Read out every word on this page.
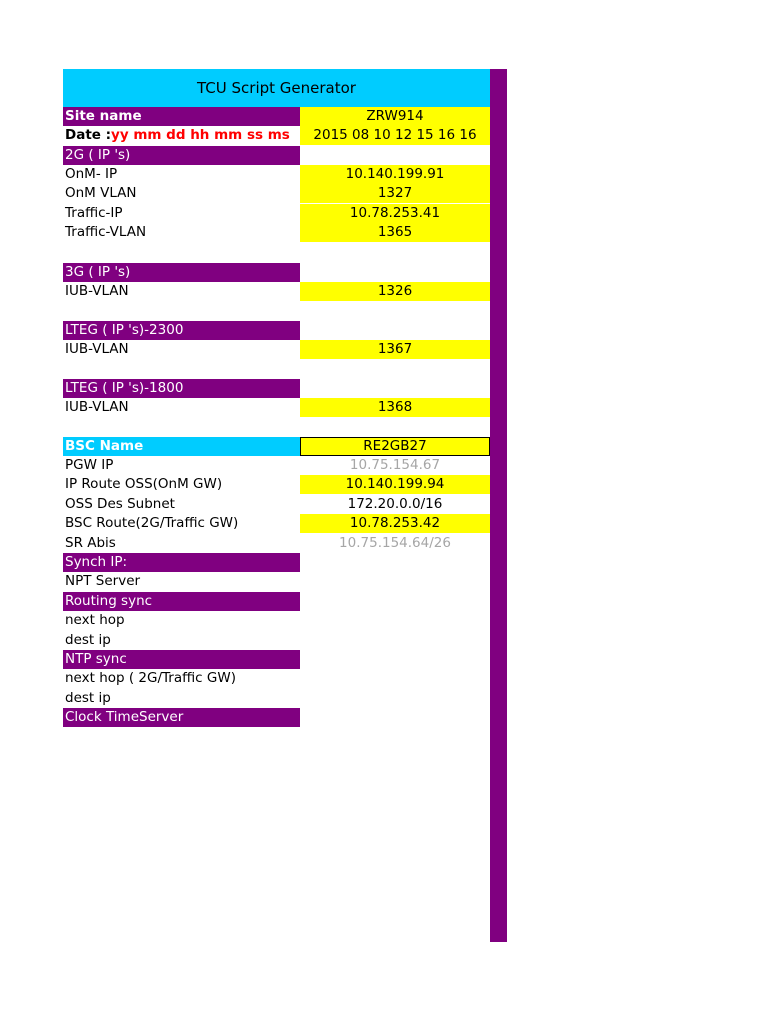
TCU Script Generator
Site name	ZRW914
Date :yy mm dd hh mm ss ms	2015 08 10 12 15 16 16
2G ( IP 's)
OnM- IP	10.140.199.91
OnM VLAN	1327
Traffic-IP	10.78.253.41
Traffic-VLAN	1365
3G ( IP 's)
IUB-VLAN	1326
LTEG ( IP 's)-2300
IUB-VLAN	1367
LTEG ( IP 's)-1800
IUB-VLAN	1368
BSC Name	RE2GB27
PGW IP	10.75.154.67
IP Route OSS(OnM GW)	10.140.199.94
OSS Des Subnet	172.20.0.0/16
BSC Route(2G/Traffic GW)	10.78.253.42
SR Abis	10.75.154.64/26
Synch IP:
NPT Server
Routing sync
next hop
dest ip
NTP sync
next hop ( 2G/Traffic GW)
dest ip
Clock TimeServer
